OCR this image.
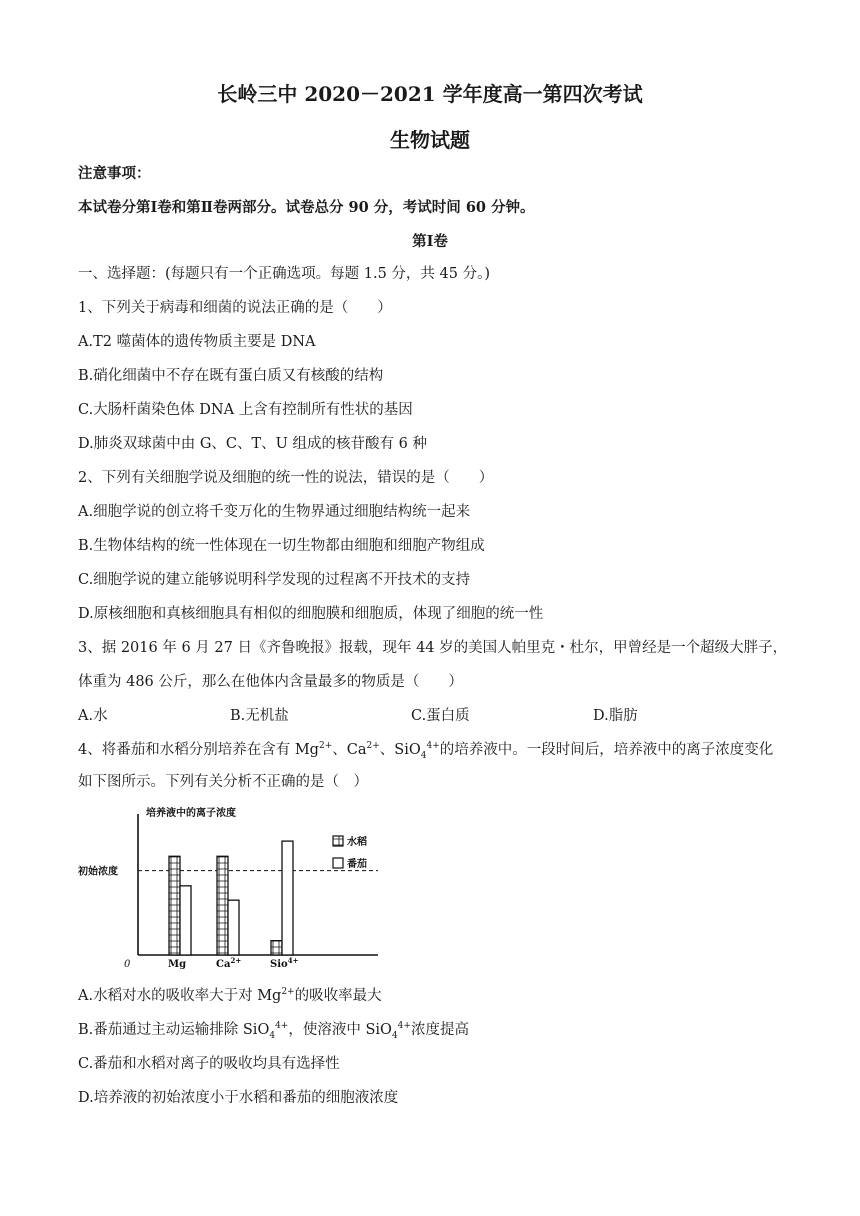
长岭三中 2020－2021 学年度高一第四次考试
生物试题
注意事项：
本试卷分第Ⅰ卷和第Ⅱ卷两部分。试卷总分 90 分，考试时间 60 分钟。
第Ⅰ卷
一、选择题：(每题只有一个正确选项。每题 1.5 分，共 45 分。)
1、下列关于病毒和细菌的说法正确的是（　　）
A.T2 噬菌体的遗传物质主要是 DNA
B.硝化细菌中不存在既有蛋白质又有核酸的结构
C.大肠杆菌染色体 DNA 上含有控制所有性状的基因
D.肺炎双球菌中由 G、C、T、U 组成的核苷酸有 6 种
2、下列有关细胞学说及细胞的统一性的说法，错误的是（　　）
A.细胞学说的创立将千变万化的生物界通过细胞结构统一起来
B.生物体结构的统一性体现在一切生物都由细胞和细胞产物组成
C.细胞学说的建立能够说明科学发现的过程离不开技术的支持
D.原核细胞和真核细胞具有相似的细胞膜和细胞质，体现了细胞的统一性
3、据 2016 年 6 月 27 日《齐鲁晚报》报载，现年 44 岁的美国人帕里克・杜尔，甲曾经是一个超级大胖子，
体重为 486 公斤，那么在他体内含量最多的物质是（　　）
A.水	B.无机盐	C.蛋白质	D.脂肪
4、将番茄和水稻分别培养在含有 $Mg^{2+}$、$Ca^{2+}$、SiO$_4^{4+}$的培养液中。一段时间后，培养液中的离子浓度变化
如下图所示。下列有关分析不正确的是（　）
培养液中的离子浓度
初始浓度
0	Mg	$Ca^{2+}$	Sio$^{4+}$
水稻
番茄
A.水稻对水的吸收率大于对 $Mg^{2+}$的吸收率最大
B.番茄通过主动运输排除 SiO$_4^{4+}$，使溶液中 SiO$_4^{4+}$浓度提高
C.番茄和水稻对离子的吸收均具有选择性
D.培养液的初始浓度小于水稻和番茄的细胞液浓度
